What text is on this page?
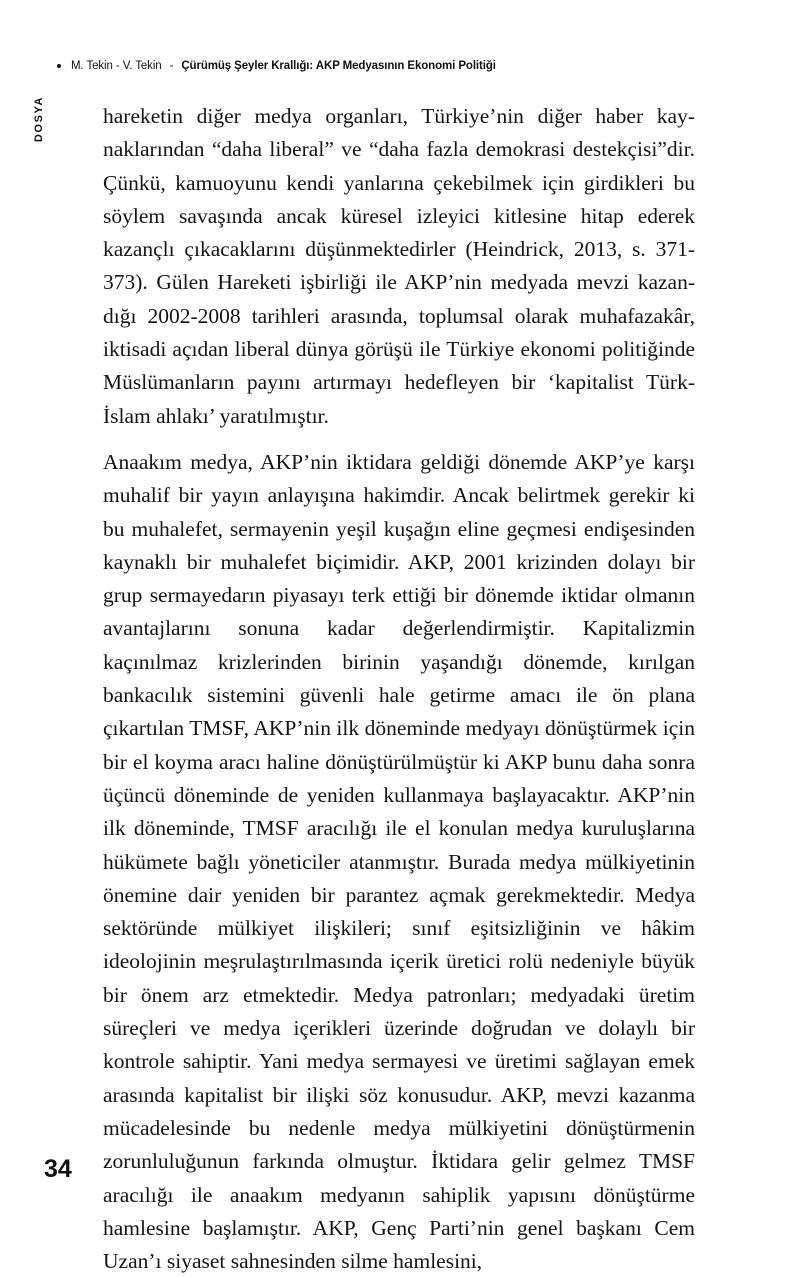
M. Tekin - V. Tekin - Çürümüş Şeyler Krallığı: AKP Medyasının Ekonomi Politiği
DOSYA	hareketin diğer medya organları, Türkiye’nin diğer haber kaynaklarından “daha liberal” ve “daha fazla demokrasi destekçisi”dir. Çünkü, kamuoyunu kendi yanlarına çekebilmek için girdikleri bu söylem savaşında ancak küresel izleyici kitlesine hitap ederek kazançlı çıkacaklarını düşünmektedirler (Heindrick, 2013, s. 371-373). Gülen Hareketi işbirliği ile AKP’nin medyada mevzi kazandığı 2002-2008 tarihleri arasında, toplumsal olarak muhafazakâr, iktisadi açıdan liberal dünya görüşü ile Türkiye ekonomi politiğinde Müslümanların payını artırmayı hedefleyen bir ‘kapitalist Türk-İslam ahlakı’ yaratılmıştır.

Anaakım medya, AKP’nin iktidara geldiği dönemde AKP’ye karşı muhalif bir yayın anlayışına hakimdir. Ancak belirtmek gerekir ki bu muhalefet, sermayenin yeşil kuşağın eline geçmesi endişesinden kaynaklı bir muhalefet biçimidir. AKP, 2001 krizinden dolayı bir grup sermayedarın piyasayı terk ettiği bir dönemde iktidar olmanın avantajlarını sonuna kadar değerlendirmiştir. Kapitalizmin kaçınılmaz krizlerinden birinin yaşandığı dönemde, kırılgan bankacılık sistemini güvenli hale getirme amacı ile ön plana çıkartılan TMSF, AKP’nin ilk döneminde medyayı dönüştürmek için bir el koyma aracı haline dönüştürülmüştür ki AKP bunu daha sonra üçüncü döneminde de yeniden kullanmaya başlayacaktır. AKP’nin ilk döneminde, TMSF aracılığı ile el konulan medya kuruluşlarına hükümete bağlı yöneticiler atanmıştır. Burada medya mülkiyetinin önemine dair yeniden bir parantez açmak gerekmektedir. Medya sektöründe mülkiyet ilişkileri; sınıf eşitsizliğinin ve hâkim ideolojinin meşrulaştırılmasında içerik üretici rolü nedeniyle büyük bir önem arz etmektedir. Medya patronları; medyadaki üretim süreçleri ve medya içerikleri üzerinde doğrudan ve dolaylı bir kontrole sahiptir. Yani medya sermayesi ve üretimi sağlayan emek arasında kapitalist bir ilişki söz konusudur. AKP, mevzi kazanma mücadelesinde bu nedenle medya mülkiyetini dönüştürmenin zorunluluğunun farkında olmuştur. İktidara gelir gelmez TMSF aracılığı ile anaakım medyanın sahiplik yapısını dönüştürme hamlesine başlamıştır. AKP, Genç Parti’nin genel başkanı Cem Uzan’ı siyaset sahnesinden silme hamlesini,

34
